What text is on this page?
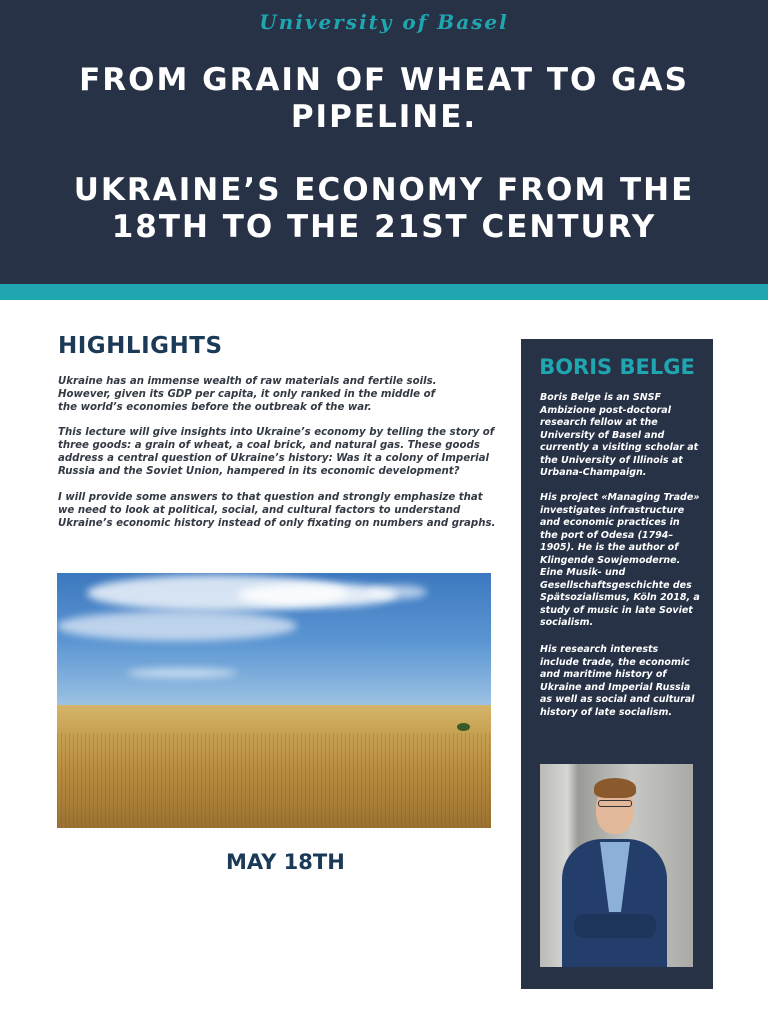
University of Basel
FROM GRAIN OF WHEAT TO GAS PIPELINE.
UKRAINE’S ECONOMY FROM THE 18TH TO THE 21ST CENTURY
HIGHLIGHTS

Ukraine has an immense wealth of raw materials and fertile soils. However, given its GDP per capita, it only ranked in the middle of the world’s economies before the outbreak of the war.

This lecture will give insights into Ukraine’s economy by telling the story of three goods: a grain of wheat, a coal brick, and natural gas. These goods address a central question of Ukraine’s history: Was it a colony of Imperial Russia and the Soviet Union, hampered in its economic development?

I will provide some answers to that question and strongly emphasize that we need to look at political, social, and cultural factors to understand Ukraine’s economic history instead of only fixating on numbers and graphs.

MAY 18TH
BORIS BELGE

Boris Belge is an SNSF Ambizione post-doctoral research fellow at the University of Basel and currently a visiting scholar at the University of Illinois at Urbana-Champaign.

His project «Managing Trade» investigates infrastructure and economic practices in the port of Odesa (1794–1905). He is the author of Klingende Sowjemoderne. Eine Musik- und Gesellschaftsgeschichte des Spätsozialismus, Köln 2018, a study of music in late Soviet socialism.

His research interests include trade, the economic and maritime history of Ukraine and Imperial Russia as well as social and cultural history of late socialism.
